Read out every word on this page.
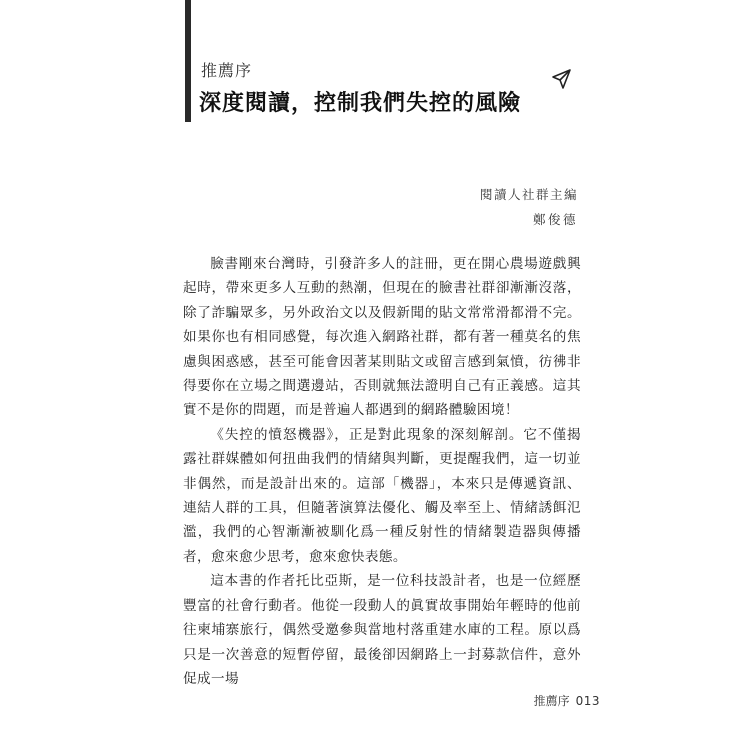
推薦序
深度閱讀，控制我們失控的風險
閱讀人社群主編
鄭俊德

臉書剛來台灣時，引發許多人的註冊，更在開心農場遊戲興起時，帶來更多人互動的熱潮，但現在的臉書社群卻漸漸沒落，除了詐騙眾多，另外政治文以及假新聞的貼文常常滑都滑不完。如果你也有相同感覺，每次進入網路社群，都有著一種莫名的焦慮與困惑感，甚至可能會因著某則貼文或留言感到氣憤，彷彿非得要你在立場之間選邊站，否則就無法證明自己有正義感。這其實不是你的問題，而是普遍人都遇到的網路體驗困境！

《失控的憤怒機器》，正是對此現象的深刻解剖。它不僅揭露社群媒體如何扭曲我們的情緒與判斷，更提醒我們，這一切並非偶然，而是設計出來的。這部「機器」，本來只是傳遞資訊、連結人群的工具，但隨著演算法優化、觸及率至上、情緒誘餌氾濫，我們的心智漸漸被馴化爲一種反射性的情緒製造器與傳播者，愈來愈少思考，愈來愈快表態。

這本書的作者托比亞斯，是一位科技設計者，也是一位經歷豐富的社會行動者。他從一段動人的眞實故事開始年輕時的他前往柬埔寨旅行，偶然受邀參與當地村落重建水庫的工程。原以爲只是一次善意的短暫停留，最後卻因網路上一封募款信件，意外促成一場

推薦序 013
